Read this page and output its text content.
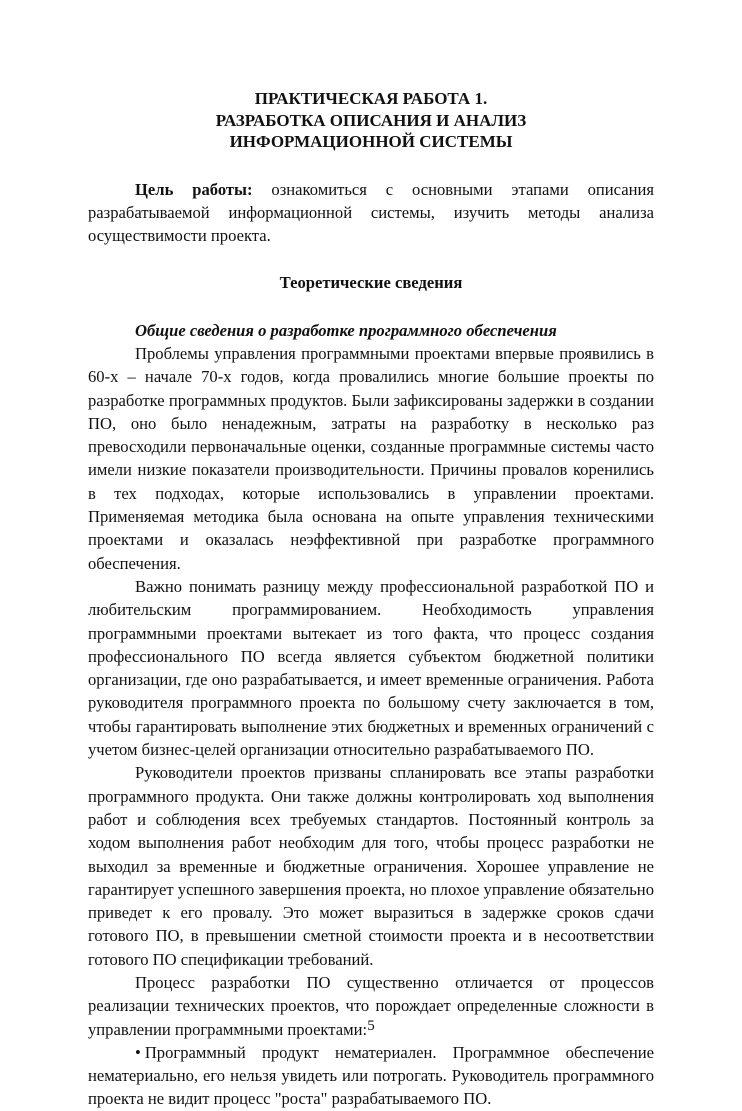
ПРАКТИЧЕСКАЯ РАБОТА 1.
РАЗРАБОТКА ОПИСАНИЯ И АНАЛИЗ
ИНФОРМАЦИОННОЙ СИСТЕМЫ

Цель работы: ознакомиться с основными этапами описания разрабатываемой информационной системы, изучить методы анализа осуществимости проекта.

Теоретические сведения
Общие сведения о разработке программного обеспечения

Проблемы управления программными проектами впервые проявились в 60-х – начале 70-х годов, когда провалились многие большие проекты по разработке программных продуктов. Были зафиксированы задержки в создании ПО, оно было ненадежным, затраты на разработку в несколько раз превосходили первоначальные оценки, созданные программные системы часто имели низкие показатели производительности. Причины провалов коренились в тех подходах, которые использовались в управлении проектами. Применяемая методика была основана на опыте управления техническими проектами и оказалась неэффективной при разработке программного обеспечения.

Важно понимать разницу между профессиональной разработкой ПО и любительским программированием. Необходимость управления программными проектами вытекает из того факта, что процесс создания профессионального ПО всегда является субъектом бюджетной политики организации, где оно разрабатывается, и имеет временные ограничения. Работа руководителя программного проекта по большому счету заключается в том, чтобы гарантировать выполнение этих бюджетных и временных ограничений с учетом бизнес-целей организации относительно разрабатываемого ПО.

Руководители проектов призваны спланировать все этапы разработки программного продукта. Они также должны контролировать ход выполнения работ и соблюдения всех требуемых стандартов. Постоянный контроль за ходом выполнения работ необходим для того, чтобы процесс разработки не выходил за временные и бюджетные ограничения. Хорошее управление не гарантирует успешного завершения проекта, но плохое управление обязательно приведет к его провалу. Это может выразиться в задержке сроков сдачи готового ПО, в превышении сметной стоимости проекта и в несоответствии готового ПО спецификации требований.

Процесс разработки ПО существенно отличается от процессов реализации технических проектов, что порождает определенные сложности в управлении программными проектами:

• Программный продукт нематериален. Программное обеспечение нематериально, его нельзя увидеть или потрогать. Руководитель программного проекта не видит процесс "роста" разрабатываемого ПО.

5
